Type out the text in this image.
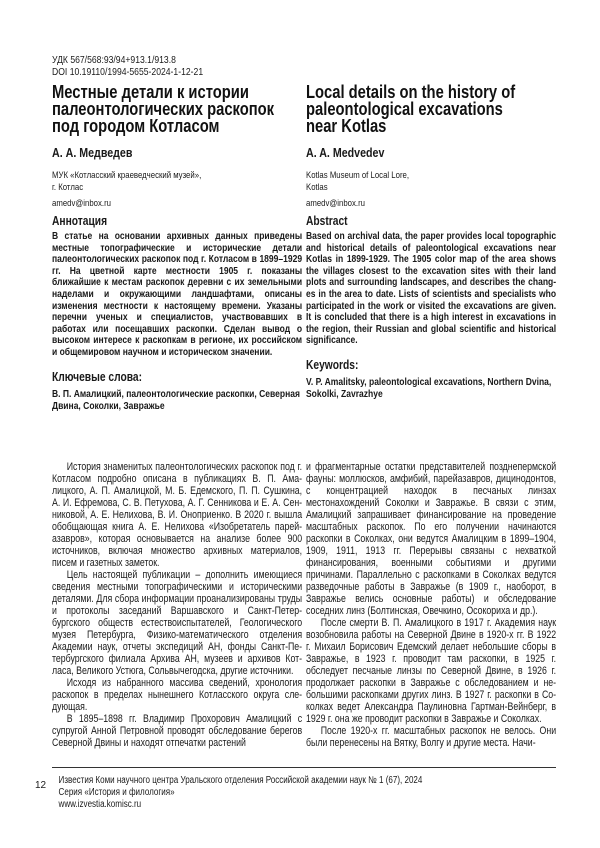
УДК 567/568:93/94+913.1/913.8
DOI 10.19110/1994-5655-2024-1-12-21
Местные детали к истории палеонтологических раскопок под городом Котласом

А. А. Медведев

МУК «Котласский краеведческий музей»,
г. Котлас
amedv@inbox.ru

Аннотация

В статье на основании архивных данных приведены мест­ные топографические и исторические детали палеонтоло­гических раскопок под г. Котласом в 1899–1929 гг. На цвет­ной карте местности 1905 г. показаны ближайшие к местам раскопок деревни с их земельными наделами и окружаю­щими ландшафтами, описаны изменения местности к насто­ящему времени. Указаны перечни ученых и специалистов, участвовавших в работах или посещавших раскопки. Сде­лан вывод о высоком интересе к раскопкам в регионе, их российском и общемировом научном и историческом зна­чении.

Ключевые слова:

В. П. Амалицкий, палеонтологические раскопки, Северная Двина, Соколки, Завражье
Local details on the history of paleontological excavations near Kotlas

A. A. Medvedev

Kotlas Museum of Local Lore,
Kotlas
amedv@inbox.ru

Abstract

Based on archival data, the paper provides local topograph­ic and historical details of paleontological excavations near Kotlas in 1899-1929. The 1905 color map of the area shows the villages closest to the excavation sites with their land plots and surrounding landscapes, and describes the chang­es in the area to date. Lists of scientists and specialists who participated in the work or visited the excavations are given. It is concluded that there is a high interest in excavations in the region, their Russian and global scientific and historical significance.

Keywords:

V. P. Amalitsky, paleontological excavations, Northern Dvina, Sokolki, Zavrazhye

История знаменитых палеонтологических раскопок под г. Котласом подробно описана в публикациях В. П. Ама­лицкого, А. П. Амалицкой, М. Б. Едемского, П. П. Сушкина, А. И. Ефремова, С. В. Петухова, А. Г. Сенникова и Е. А. Сен­никовой, А. Е. Нелихова, В. И. Оноприенко. В 2020 г. вышла обобщающая книга А. Е. Нелихова «Изобретатель парей­азавров», которая основывается на анализе более 900 источников, включая множество архивных материалов, писем и газетных заметок.

Цель настоящей публикации – дополнить имеющиеся сведения местными топографическими и историческими деталями. Для сбора информации проанализированы тру­ды и протоколы заседаний Варшавского и Санкт-Петер­бургского обществ естествоиспытателей, Геологического музея Петербурга, Физико-математического отделения Академии наук, отчеты экспедиций АН, фонды Санкт-Пе­тербургского филиала Архива АН, музеев и архивов Кот­ласа, Великого Устюга, Сольвычегодска, другие источники.

Исходя из набранного массива сведений, хронология раскопок в пределах нынешнего Котласского округа сле­дующая.

В 1895–1898 гг. Владимир Прохорович Амалицкий с супругой Анной Петровной проводят обследование бе­регов Северной Двины и находят отпечатки растений

и фрагментарные остатки представителей поздне­перм­ской фауны: моллюсков, амфибий, парейазавров, дици­нодонтов, с концентрацией находок в песчаных линзах местонахождений Соколки и Завражье. В связи с этим, Амалицкий запрашивает финансирование на проведе­ние масштабных раскопок. По его получении начинаются раскопки в Соколках, они ведутся Амалицким в 1899–1904, 1909, 1911, 1913 гг. Перерывы связаны с нехваткой финанси­рования, военными событиями и другими причинами. Па­раллельно с раскопками в Соколках ведутся разведочные работы в Завражье (в 1909 г., наоборот, в Завражье велись основные работы) и обследование соседних линз (Болтин­ская, Овечкино, Осокориха и др.).

После смерти В. П. Амалицкого в 1917 г. Академия наук возобновила работы на Северной Двине в 1920-х гг. В 1922 г. Михаил Борисович Едемский делает небольшие сборы в Завражье, в 1923 г. проводит там раскопки, в 1925 г. обследует песчаные линзы по Северной Двине, в 1926 г. продолжает раскопки в Завражье с обследованием и не­большими раскопками других линз. В 1927 г. раскопки в Со­колках ведет Александра Паулиновна Гартман-Вейнберг, в 1929 г. она же проводит раскопки в Завражье и Соколках.

После 1920-х гг. масштабных раскопок не велось. Они были перенесены на Вятку, Волгу и другие места. Начи-

12 Известия Коми научного центра Уральского отделения Российской академии наук № 1 (67), 2024
Серия «История и филология»
www.izvestia.komisc.ru
